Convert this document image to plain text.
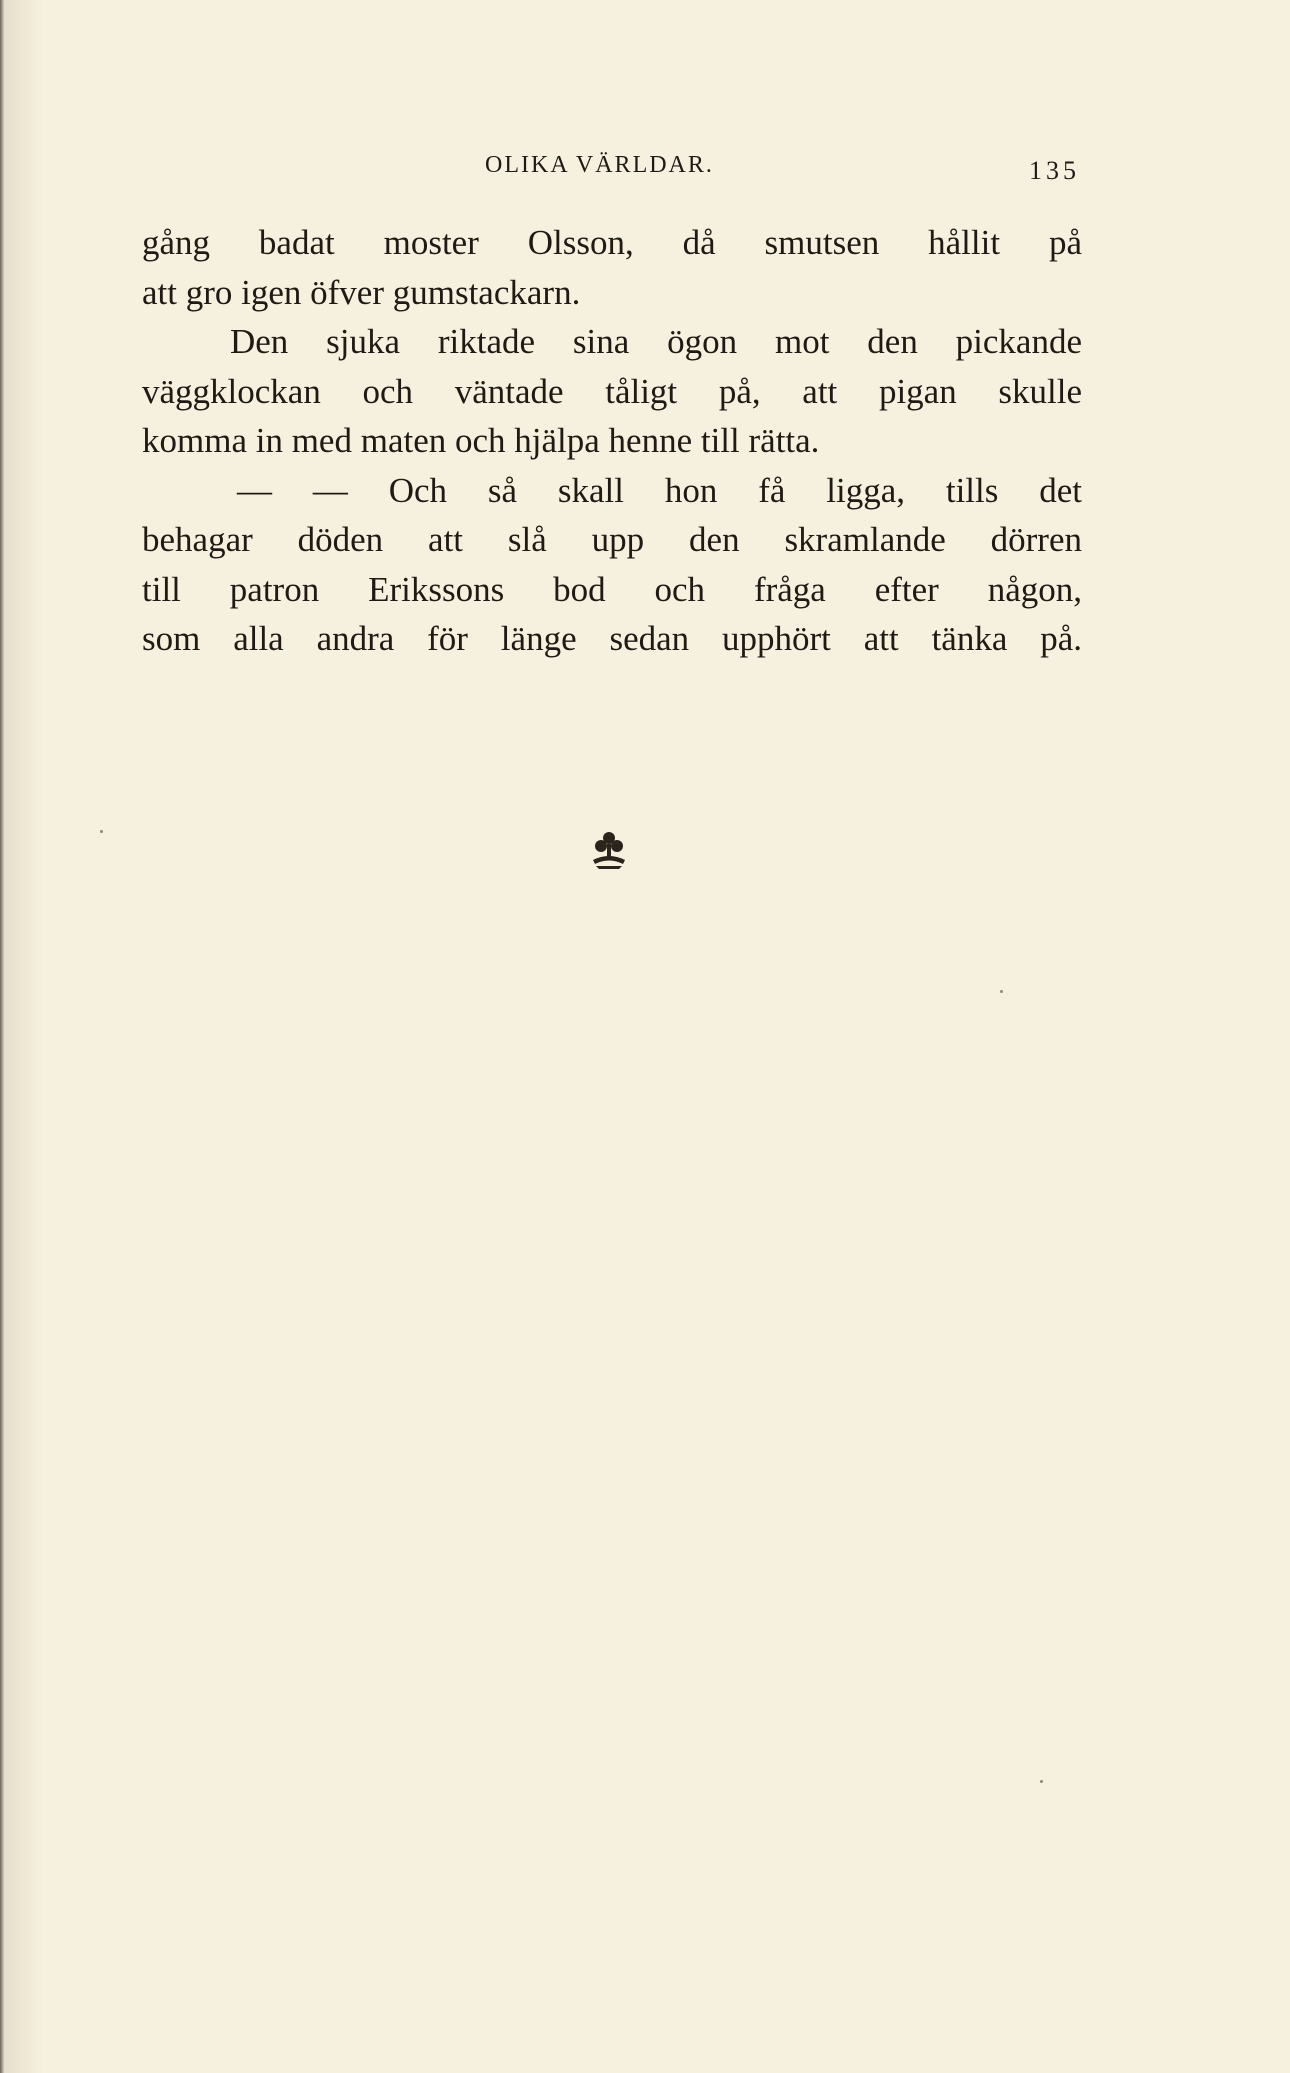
OLIKA VÄRLDAR.	135
gång badat moster Olsson, då smutsen hållit på
att gro igen öfver gumstackarn.
Den sjuka riktade sina ögon mot den pickande
väggklockan och väntade tåligt på, att pigan skulle
komma in med maten och hjälpa henne till rätta.
— — Och så skall hon få ligga, tills det
behagar döden att slå upp den skramlande dörren
till patron Erikssons bod och fråga efter någon,
som alla andra för länge sedan upphört att tänka på.
